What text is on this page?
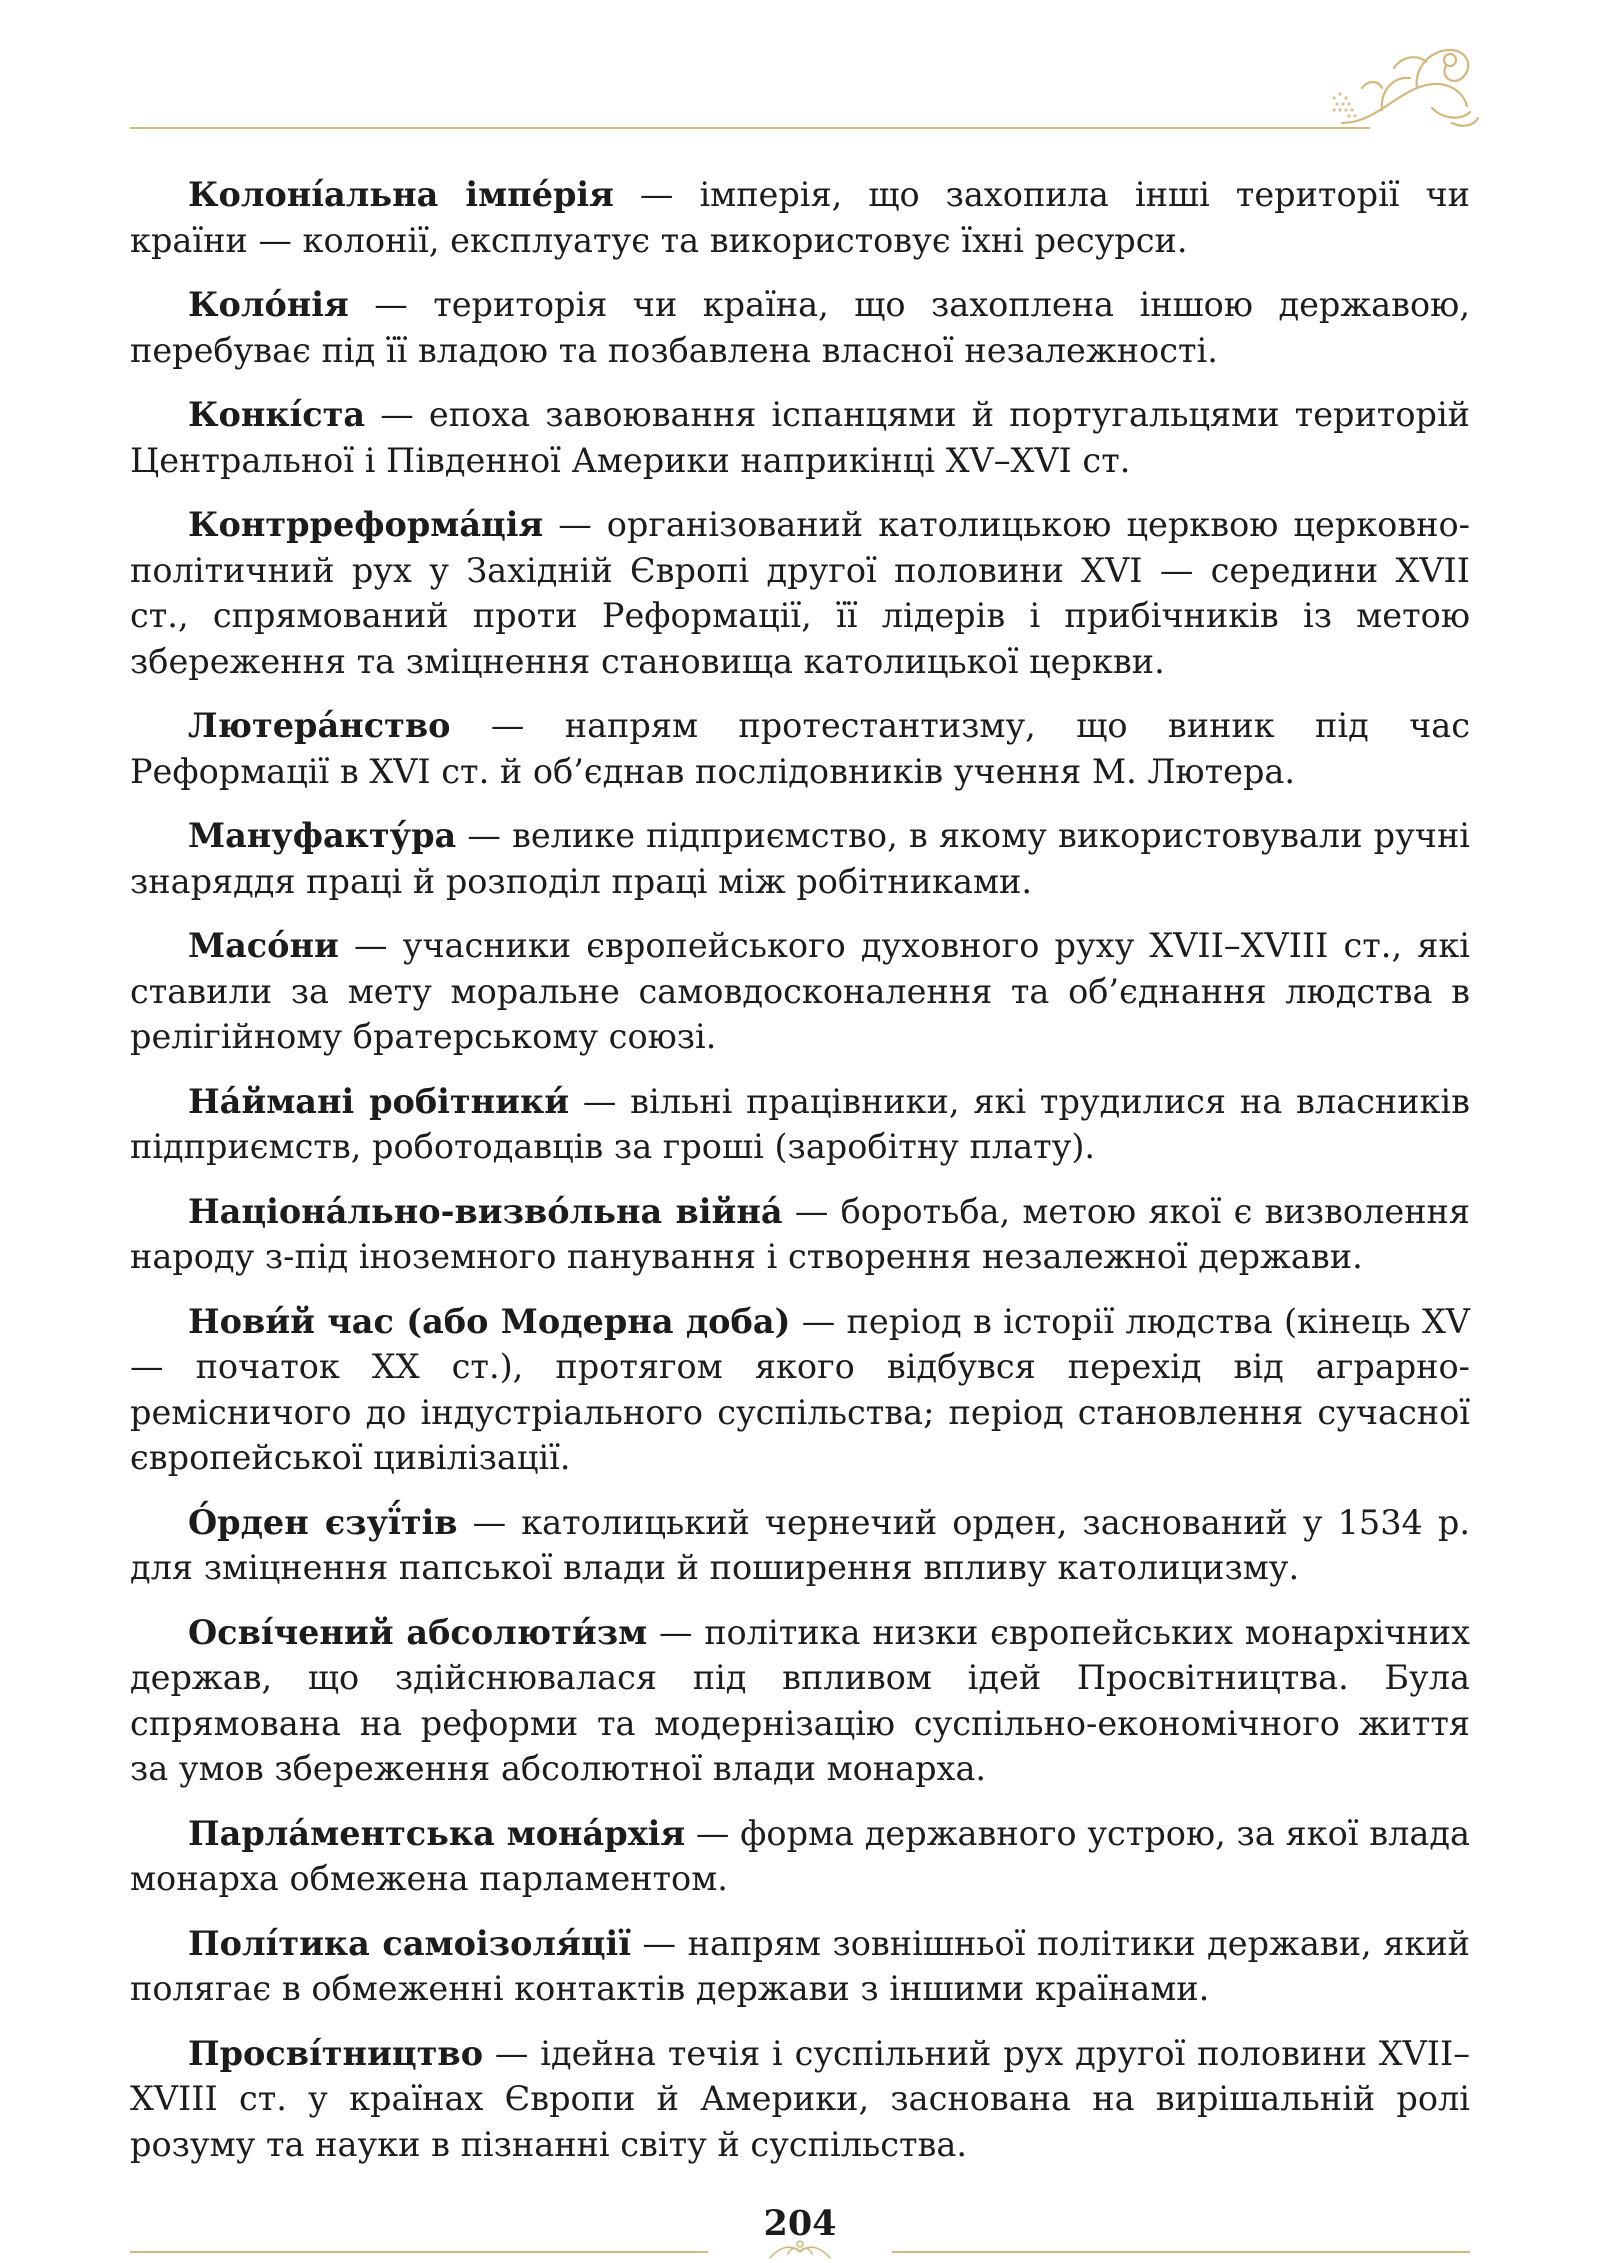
Колоні́альна імпе́рія — імперія, що захопила інші території чи країни — колонії, експлуатує та використовує їхні ресурси.

Коло́нія — територія чи країна, що захоплена іншою державою, перебуває під її владою та позбавлена власної незалежності.

Конкі́ста — епоха завоювання іспанцями й португальцями територій Центральної і Південної Америки наприкінці XV–XVI ст.

Контрреформа́ція — організований католицькою церквою церковно-політичний рух у Західній Європі другої половини XVI — середини XVII ст., спрямований проти Реформації, її лідерів і прибічників із метою збереження та зміцнення становища католицької церкви.

Лютера́нство — напрям протестантизму, що виник під час Реформації в XVI ст. й об’єднав послідовників учення М. Лютера.

Мануфакту́ра — велике підприємство, в якому використовували ручні знаряддя праці й розподіл праці між робітниками.

Масо́ни — учасники європейського духовного руху XVII–XVIII ст., які ставили за мету моральне самовдосконалення та об’єднання людства в релігійному братерському союзі.

На́ймані робітники́ — вільні працівники, які трудилися на власників підприємств, роботодавців за гроші (заробітну плату).

Націона́льно-визво́льна війна́ — боротьба, метою якої є визволення народу з-під іноземного панування і створення незалежної держави.

Нови́й час (або Модерна доба) — період в історії людства (кінець XV — початок XX ст.), протягом якого відбувся перехід від аграрно-ремісничого до індустріального суспільства; період становлення сучасної європейської цивілізації.

О́рден єзуї́тів — католицький чернечий орден, заснований у 1534 р. для зміцнення папської влади й поширення впливу католицизму.

Осві́чений абсолюти́зм — політика низки європейських монархічних держав, що здійснювалася під впливом ідей Просвітництва. Була спрямована на реформи та модернізацію суспільно-економічного життя за умов збереження абсолютної влади монарха.

Парла́ментська мона́рхія — форма державного устрою, за якої влада монарха обмежена парламентом.

Полі́тика самоізоля́ції — напрям зовнішньої політики держави, який полягає в обмеженні контактів держави з іншими країнами.

Просві́тництво — ідейна течія і суспільний рух другої половини XVII–XVIII ст. у країнах Європи й Америки, заснована на вирішальній ролі розуму та науки в пізнанні світу й суспільства.

204
